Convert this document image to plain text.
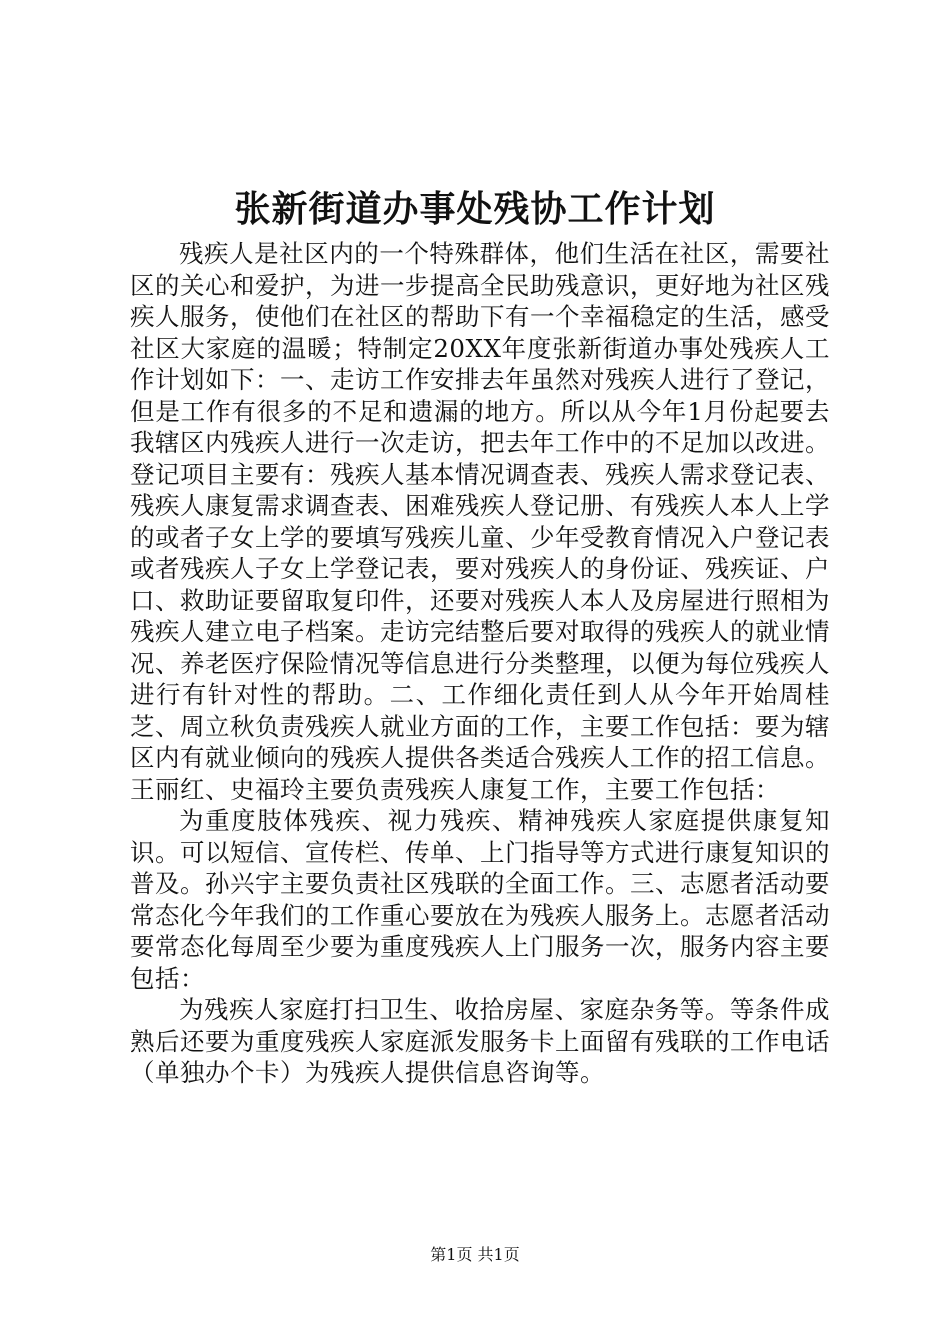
张新街道办事处残协工作计划

残疾人是社区内的一个特殊群体，他们生活在社区，需要社区的关心和爱护，为进一步提高全民助残意识，更好地为社区残疾人服务，使他们在社区的帮助下有一个幸福稳定的生活，感受社区大家庭的温暖；特制定20XX年度张新街道办事处残疾人工作计划如下：一、走访工作安排去年虽然对残疾人进行了登记，但是工作有很多的不足和遗漏的地方。所以从今年1月份起要去我辖区内残疾人进行一次走访，把去年工作中的不足加以改进。登记项目主要有：残疾人基本情况调查表、残疾人需求登记表、残疾人康复需求调查表、困难残疾人登记册、有残疾人本人上学的或者子女上学的要填写残疾儿童、少年受教育情况入户登记表或者残疾人子女上学登记表，要对残疾人的身份证、残疾证、户口、救助证要留取复印件，还要对残疾人本人及房屋进行照相为残疾人建立电子档案。走访完结整后要对取得的残疾人的就业情况、养老医疗保险情况等信息进行分类整理，以便为每位残疾人进行有针对性的帮助。二、工作细化责任到人从今年开始周桂芝、周立秋负责残疾人就业方面的工作，主要工作包括：要为辖区内有就业倾向的残疾人提供各类适合残疾人工作的招工信息。王丽红、史福玲主要负责残疾人康复工作，主要工作包括：

为重度肢体残疾、视力残疾、精神残疾人家庭提供康复知识。可以短信、宣传栏、传单、上门指导等方式进行康复知识的普及。孙兴宇主要负责社区残联的全面工作。三、志愿者活动要常态化今年我们的工作重心要放在为残疾人服务上。志愿者活动要常态化每周至少要为重度残疾人上门服务一次，服务内容主要包括：

为残疾人家庭打扫卫生、收拾房屋、家庭杂务等。等条件成熟后还要为重度残疾人家庭派发服务卡上面留有残联的工作电话（单独办个卡）为残疾人提供信息咨询等。

第1页 共1页
